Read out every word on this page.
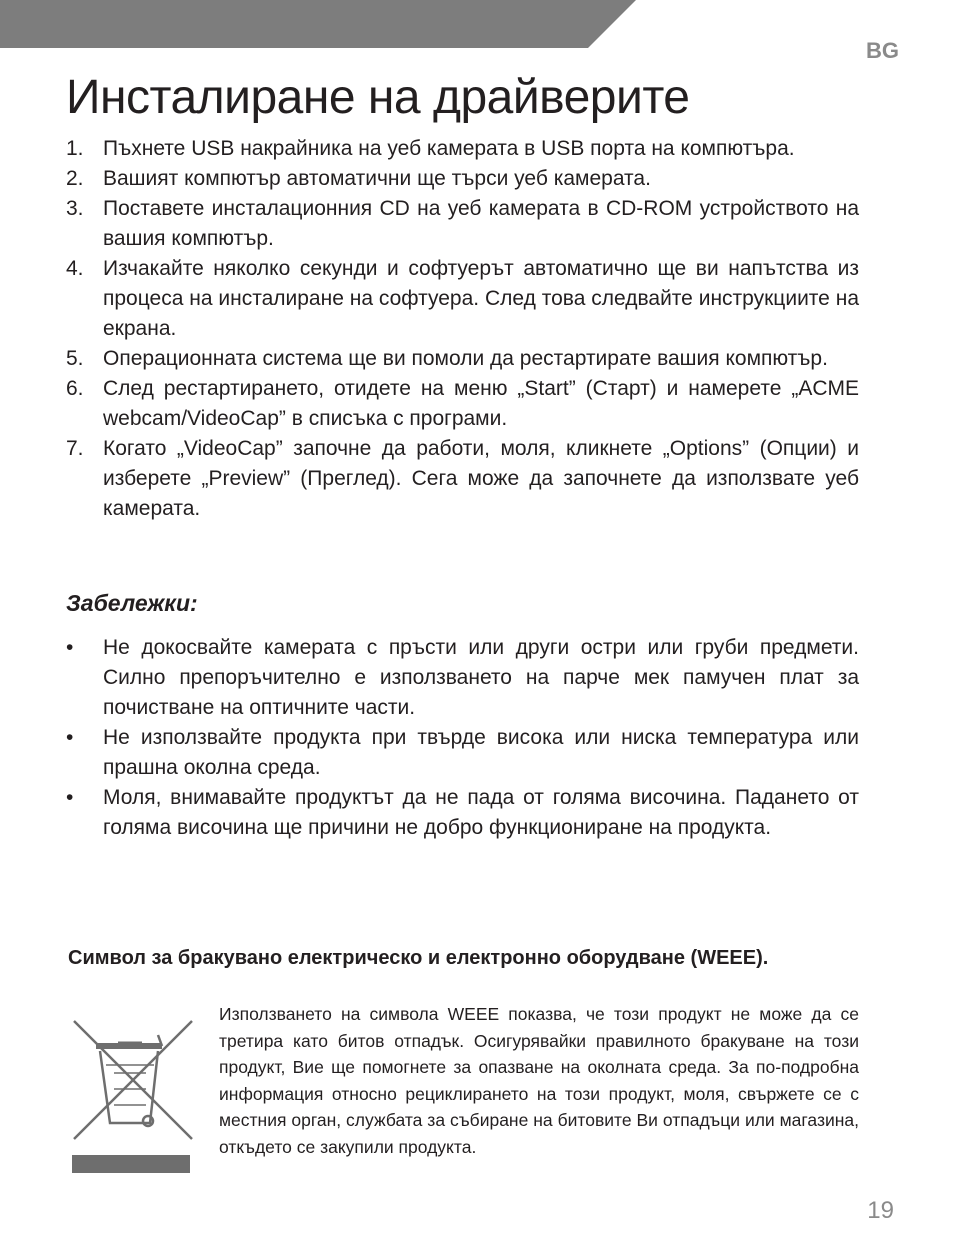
BG
Инсталиране на драйверите
1. Пъхнете USB накрайника на уеб камерата в USB порта на компютъра.
2. Вашият компютър автоматични ще търси уеб камерата.
3. Поставете инсталационния CD на уеб камерата в CD-ROM устройството на вашия компютър.
4. Изчакайте няколко секунди и софтуерът автоматично ще ви напътства из процеса на инсталиране на софтуера. След това следвайте инструкциите на екрана.
5. Операционната система ще ви помоли да рестартирате вашия компютър.
6. След рестартирането, отидете на меню „Start” (Старт) и намерете „ACME webcam/VideoCap” в списъка с програми.
7. Когато „VideoCap” започне да работи, моля, кликнете „Options” (Опции) и изберете „Preview” (Преглед). Сега може да започнете да използвате уеб камерата.
Забележки:
• Не докосвайте камерата с пръсти или други остри или груби предмети. Силно препоръчително е използването на парче мек памучен плат за почистване на оптичните части.
• Не използвайте продукта при твърде висока или ниска температура или прашна околна среда.
• Моля, внимавайте продуктът да не пада от голяма височина. Падането от голяма височина ще причини не добро функциониране на продукта.
Символ за бракувано електрическо и електронно оборудване (WEEE).

Използването на символа WEEE показва, че този продукт не може да се третира като битов отпадък. Осигурявайки правилното бракуване на този продукт, Вие ще помогнете за опазване на околната среда. За по-подробна информация относно рециклирането на този продукт, моля, свържете се с местния орган, службата за събиране на битовите Ви отпадъци или магазина, откъдето се закупили продукта.

19
